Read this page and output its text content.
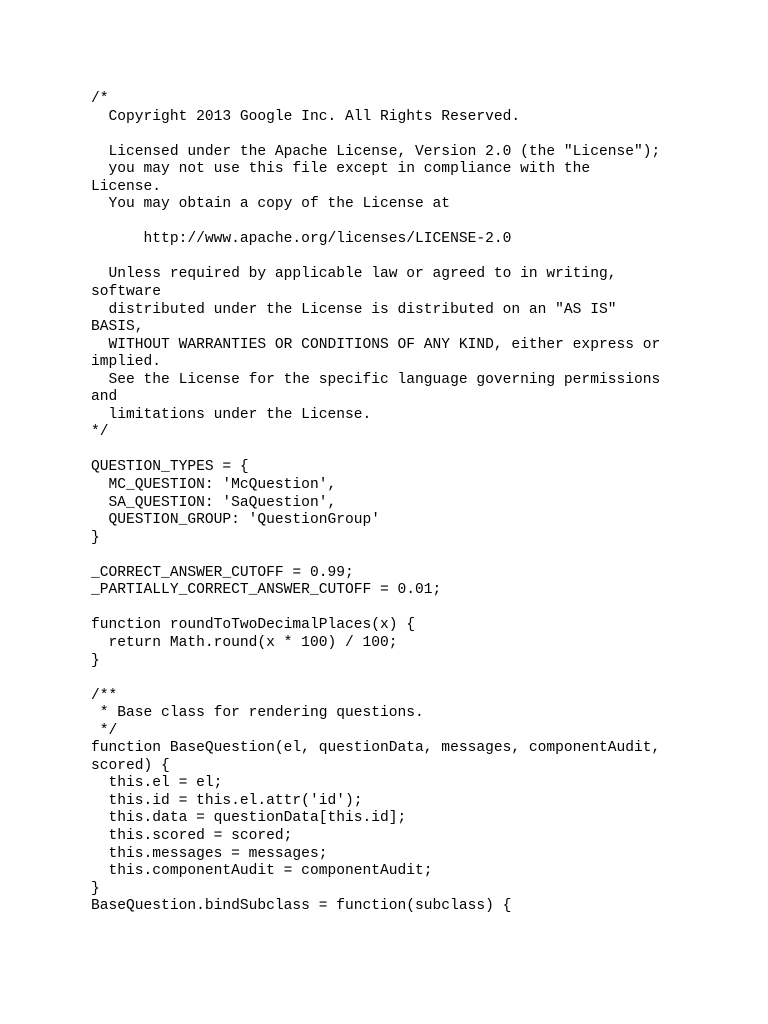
/*
Copyright 2013 Google Inc. All Rights Reserved.
Licensed under the Apache License, Version 2.0 (the "License");
you may not use this file except in compliance with the
License.
You may obtain a copy of the License at
http://www.apache.org/licenses/LICENSE-2.0
Unless required by applicable law or agreed to in writing,
software
distributed under the License is distributed on an "AS IS"
BASIS,
WITHOUT WARRANTIES OR CONDITIONS OF ANY KIND, either express or
implied.
See the License for the specific language governing permissions
and
limitations under the License.
*/
QUESTION_TYPES = {
MC_QUESTION: 'McQuestion',
SA_QUESTION: 'SaQuestion',
QUESTION_GROUP: 'QuestionGroup'
}
_CORRECT_ANSWER_CUTOFF = 0.99;
_PARTIALLY_CORRECT_ANSWER_CUTOFF = 0.01;
function roundToTwoDecimalPlaces(x) {
return Math.round(x * 100) / 100;
}
/**
* Base class for rendering questions.
*/
function BaseQuestion(el, questionData, messages, componentAudit,
scored) {
this.el = el;
this.id = this.el.attr('id');
this.data = questionData[this.id];
this.scored = scored;
this.messages = messages;
this.componentAudit = componentAudit;
}
BaseQuestion.bindSubclass = function(subclass) {
